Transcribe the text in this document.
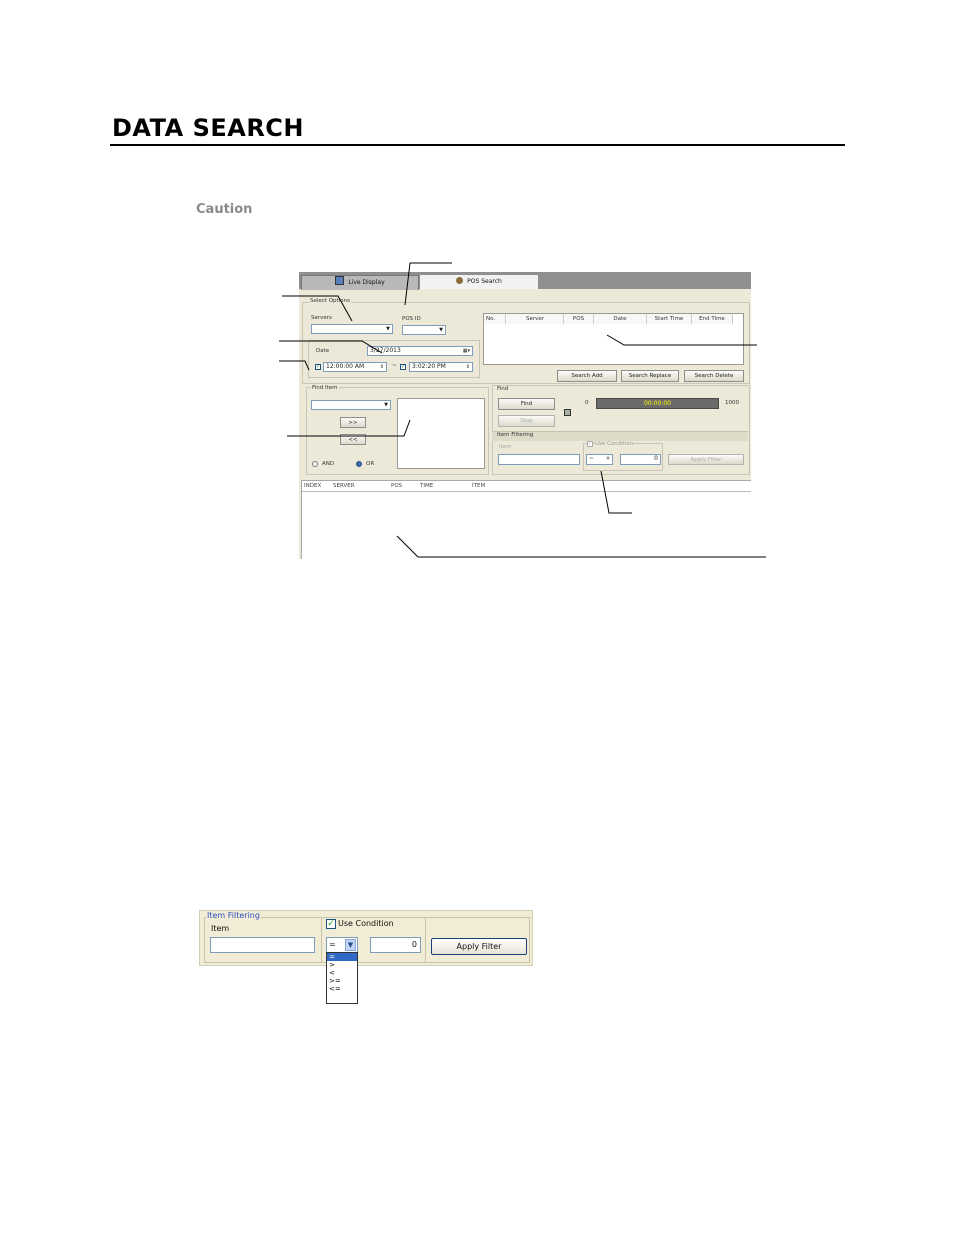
DATA SEARCH
Caution
Live Display	POS Search
Select Options
Servers
▼
POS ID
▼
Date	3/27/2013	▦▾
✓ 12:00:00 AM	⇕ ~ ✓	3:02:20 PM	⇕
No.	Server	POS	Date	Start Time	End Time
Search Add	Search Replace	Search Delete
Find Item
▼
>>
<<
AND	OR
Find
Find
Stop
0	00:00:00	1000
Item Filtering
Item	✓ Use Condition
= ▼	0	Apply Filter
INDEX SERVER	POS	TIME	ITEM
Item Filtering
Item	✓ Use Condition
=	▼	0	Apply Filter
=
>
<
>=
<=
